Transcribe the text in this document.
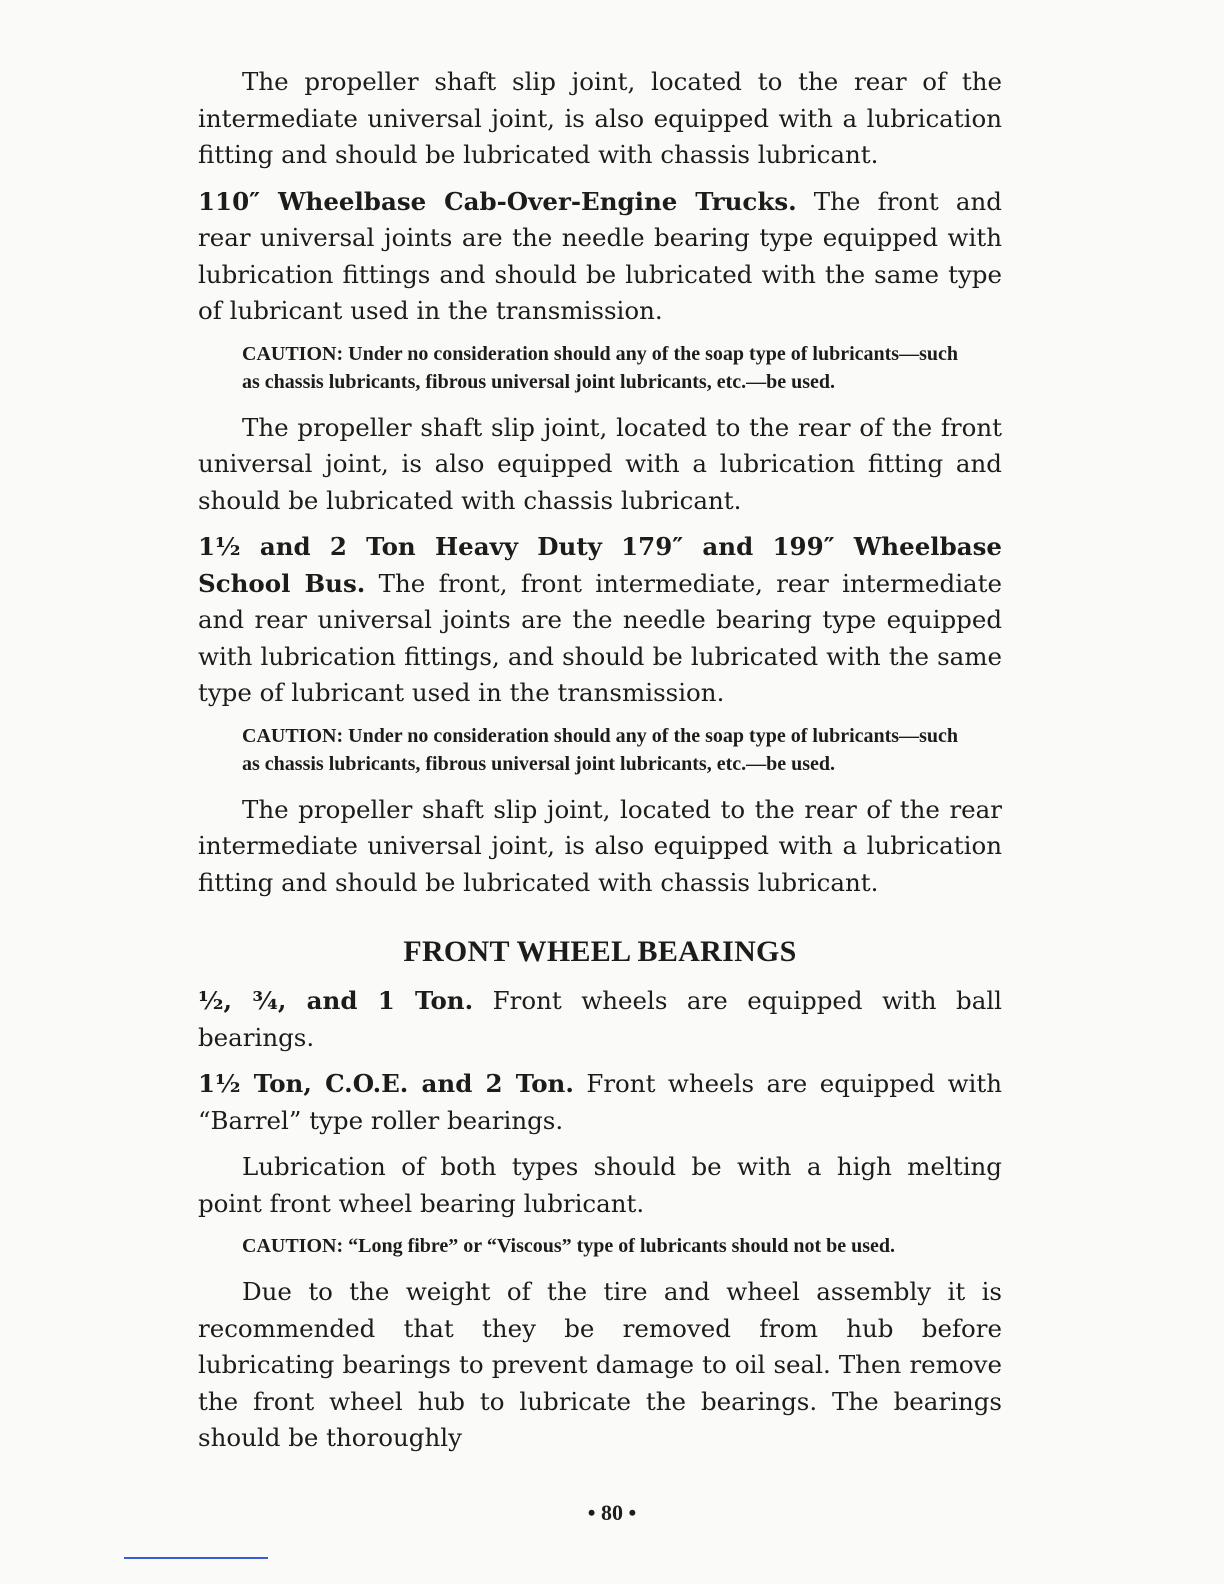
The propeller shaft slip joint, located to the rear of the intermediate universal joint, is also equipped with a lubrication fitting and should be lubricated with chassis lubricant.

110″ Wheelbase Cab-Over-Engine Trucks. The front and rear universal joints are the needle bearing type equipped with lubrication fittings and should be lubricated with the same type of lubricant used in the transmission.

CAUTION: Under no consideration should any of the soap type of lubricants—such as chassis lubricants, fibrous universal joint lubricants, etc.—be used.

The propeller shaft slip joint, located to the rear of the front universal joint, is also equipped with a lubrication fitting and should be lubricated with chassis lubricant.

1½ and 2 Ton Heavy Duty 179″ and 199″ Wheelbase School Bus. The front, front intermediate, rear intermediate and rear universal joints are the needle bearing type equipped with lubrication fittings, and should be lubricated with the same type of lubricant used in the transmission.

CAUTION: Under no consideration should any of the soap type of lubricants—such as chassis lubricants, fibrous universal joint lubricants, etc.—be used.

The propeller shaft slip joint, located to the rear of the rear intermediate universal joint, is also equipped with a lubrication fitting and should be lubricated with chassis lubricant.

FRONT WHEEL BEARINGS

½, ¾, and 1 Ton. Front wheels are equipped with ball bearings.

1½ Ton, C.O.E. and 2 Ton. Front wheels are equipped with “Barrel” type roller bearings.

Lubrication of both types should be with a high melting point front wheel bearing lubricant.

CAUTION: “Long fibre” or “Viscous” type of lubricants should not be used.

Due to the weight of the tire and wheel assembly it is recommended that they be removed from hub before lubricating bearings to prevent damage to oil seal. Then remove the front wheel hub to lubricate the bearings. The bearings should be thoroughly

• 80 •
